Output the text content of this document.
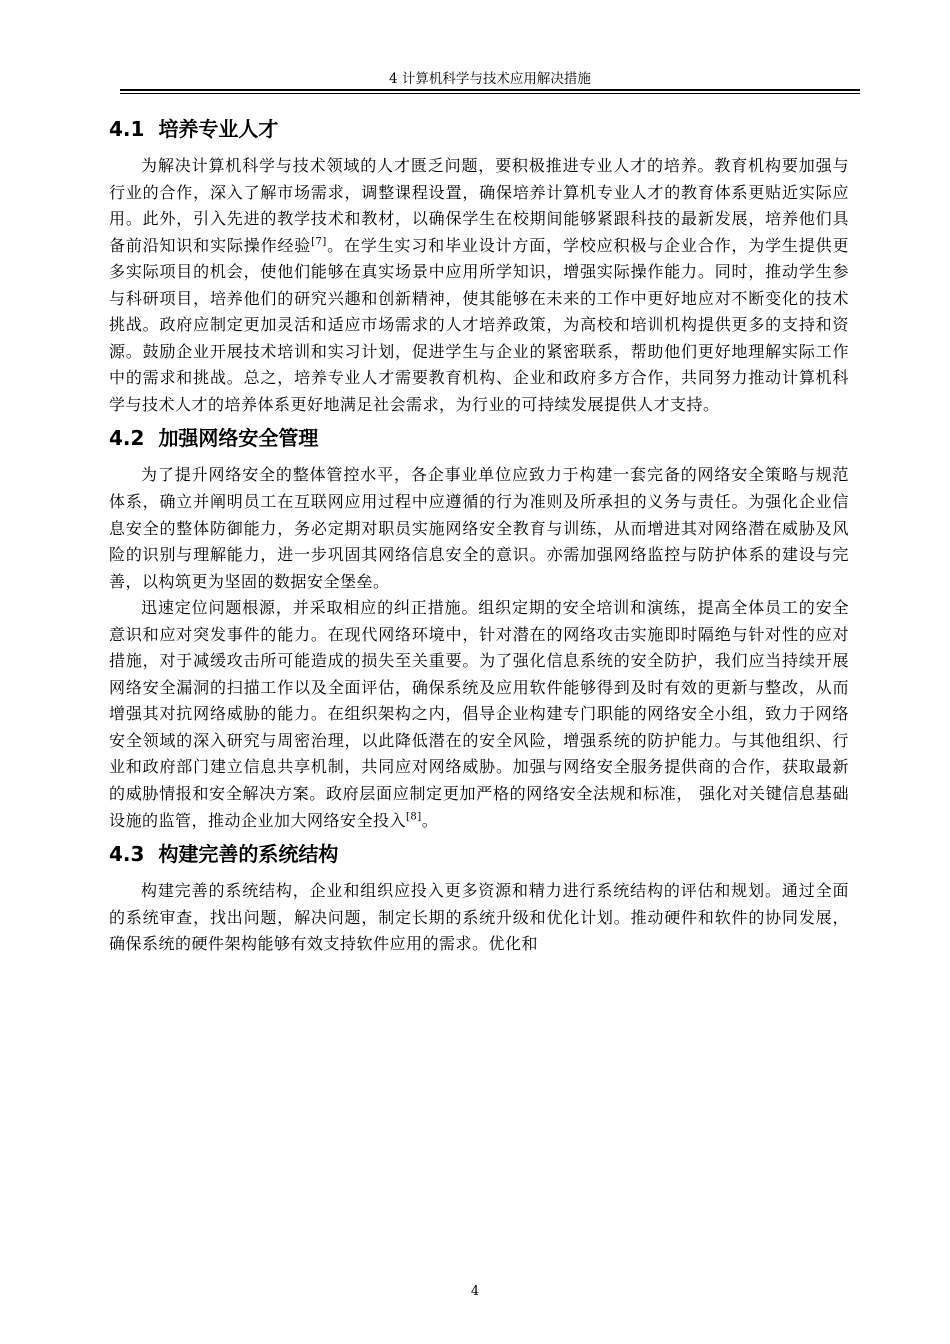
4 计算机科学与技术应用解决措施
4.1 培养专业人才

为解决计算机科学与技术领域的人才匮乏问题，要积极推进专业人才的培养。教育机构要加强与行业的合作，深入了解市场需求，调整课程设置，确保培养计算机专业人才的教育体系更贴近实际应用。此外，引入先进的教学技术和教材，以确保学生在校期间能够紧跟科技的最新发展，培养他们具备前沿知识和实际操作经验[7]。在学生实习和毕业设计方面，学校应积极与企业合作，为学生提供更多实际项目的机会，使他们能够在真实场景中应用所学知识，增强实际操作能力。同时，推动学生参与科研项目，培养他们的研究兴趣和创新精神，使其能够在未来的工作中更好地应对不断变化的技术挑战。政府应制定更加灵活和适应市场需求的人才培养政策，为高校和培训机构提供更多的支持和资源。鼓励企业开展技术培训和实习计划，促进学生与企业的紧密联系，帮助他们更好地理解实际工作中的需求和挑战。总之，培养专业人才需要教育机构、企业和政府多方合作，共同努力推动计算机科学与技术人才的培养体系更好地满足社会需求，为行业的可持续发展提供人才支持。

4.2 加强网络安全管理

为了提升网络安全的整体管控水平，各企事业单位应致力于构建一套完备的网络安全策略与规范体系，确立并阐明员工在互联网应用过程中应遵循的行为准则及所承担的义务与责任。为强化企业信息安全的整体防御能力，务必定期对职员实施网络安全教育与训练，从而增进其对网络潜在威胁及风险的识别与理解能力，进一步巩固其网络信息安全的意识。亦需加强网络监控与防护体系的建设与完善，以构筑更为坚固的数据安全堡垒。

迅速定位问题根源，并采取相应的纠正措施。组织定期的安全培训和演练，提高全体员工的安全意识和应对突发事件的能力。在现代网络环境中，针对潜在的网络攻击实施即时隔绝与针对性的应对措施，对于减缓攻击所可能造成的损失至关重要。为了强化信息系统的安全防护，我们应当持续开展网络安全漏洞的扫描工作以及全面评估，确保系统及应用软件能够得到及时有效的更新与整改，从而增强其对抗网络威胁的能力。在组织架构之内，倡导企业构建专门职能的网络安全小组，致力于网络安全领域的深入研究与周密治理，以此降低潜在的安全风险，增强系统的防护能力。与其他组织、行业和政府部门建立信息共享机制，共同应对网络威胁。加强与网络安全服务提供商的合作，获取最新的威胁情报和安全解决方案。政府层面应制定更加严格的网络安全法规和标准， 强化对关键信息基础设施的监管，推动企业加大网络安全投入[8]。

4.3 构建完善的系统结构

构建完善的系统结构，企业和组织应投入更多资源和精力进行系统结构的评估和规划。通过全面的系统审查，找出问题，解决问题，制定长期的系统升级和优化计划。推动硬件和软件的协同发展，确保系统的硬件架构能够有效支持软件应用的需求。优化和

4
